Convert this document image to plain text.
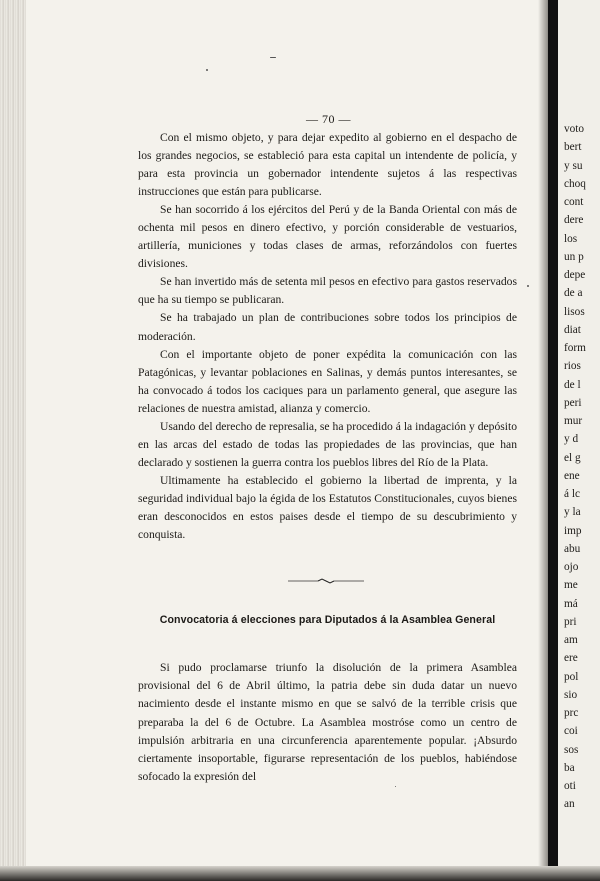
— 70 —

Con el mismo objeto, y para dejar expedito al gobierno en el despacho de los grandes negocios, se estableció para esta capital un intendente de policía, y para esta provincia un gobernador intendente sujetos á las respectivas instrucciones que están para publicarse.

Se han socorrido á los ejércitos del Perú y de la Banda Oriental con más de ochenta mil pesos en dinero efectivo, y porción considerable de vestuarios, artillería, municiones y todas clases de armas, reforzándolos con fuertes divisiones.

Se han invertido más de setenta mil pesos en efectivo para gastos reservados que ha su tiempo se publicaran.

Se ha trabajado un plan de contribuciones sobre todos los principios de moderación.

Con el importante objeto de poner expédita la comunicación con las Patagónicas, y levantar poblaciones en Salinas, y demás puntos interesantes, se ha convocado á todos los caciques para un parlamento general, que asegure las relaciones de nuestra amistad, alianza y comercio.

Usando del derecho de represalia, se ha procedido á la indagación y depósito en las arcas del estado de todas las propiedades de las provincias, que han declarado y sostienen la guerra contra los pueblos libres del Río de la Plata.

Ultimamente ha establecido el gobierno la libertad de imprenta, y la seguridad individual bajo la égida de los Estatutos Constitucionales, cuyos bienes eran desconocidos en estos paises desde el tiempo de su descubrimiento y conquista.

Convocatoria á elecciones para Diputados á la Asamblea General

Si pudo proclamarse triunfo la disolución de la primera Asamblea provisional del 6 de Abril último, la patria debe sin duda datar un nuevo nacimiento desde el instante mismo en que se salvó de la terrible crisis que preparaba la del 6 de Octubre. La Asamblea mostróse como un centro de impulsión arbitraria en una circunferencia aparentemente popular. ¡Absurdo ciertamente insoportable, figurarse representación de los pueblos, habiéndose sofocado la expresión del

voto
bert
y su
choq
cont
dere
los
un p
depe
de a
lisos
diat
form
rios
de l
peri
mur
y d
el g
ene
á lc
y la
imp
abu
ojo
me
má
pri
am
ere
pol
sio
prc
coi
sos
ba
oti
an
